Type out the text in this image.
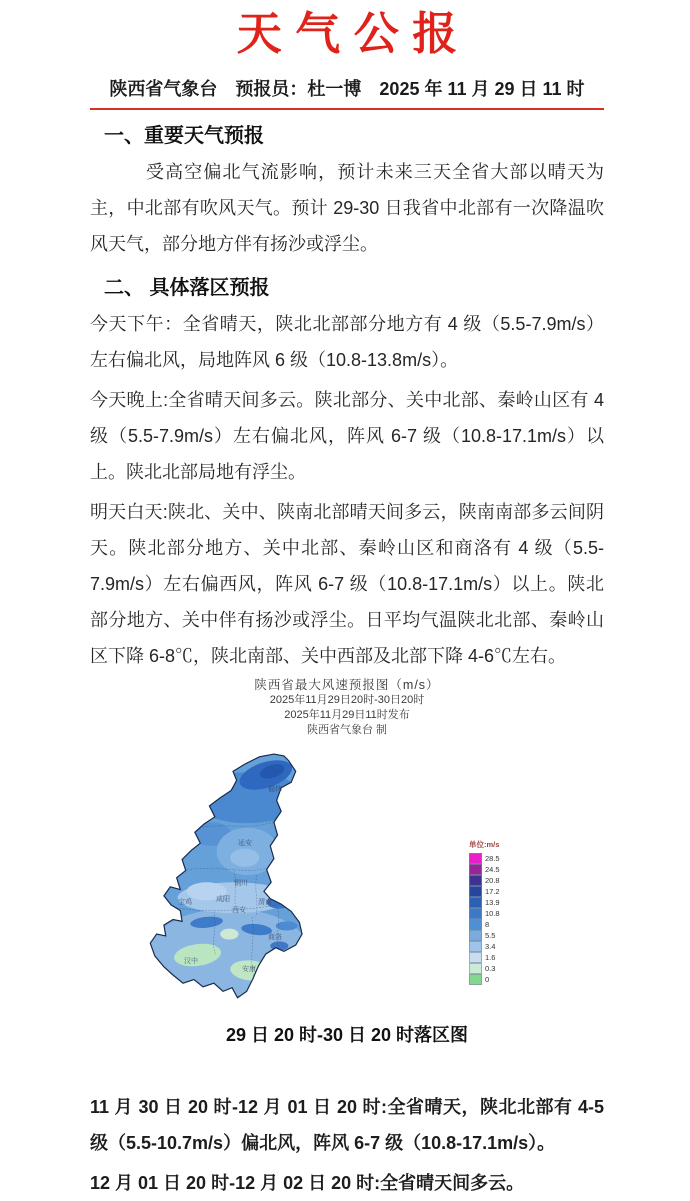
天气公报
陕西省气象台　预报员：杜一博　2025 年 11 月 29 日 11 时
一、重要天气预报

受高空偏北气流影响，预计未来三天全省大部以晴天为主，中北部有吹风天气。预计 29-30 日我省中北部有一次降温吹风天气，部分地方伴有扬沙或浮尘。

二、 具体落区预报

今天下午：全省晴天，陕北北部部分地方有 4 级（5.5-7.9m/s）左右偏北风，局地阵风 6 级（10.8-13.8m/s）。

今天晚上:全省晴天间多云。陕北部分、关中北部、秦岭山区有 4 级（5.5-7.9m/s）左右偏北风，阵风 6-7 级（10.8-17.1m/s）以上。陕北北部局地有浮尘。

明天白天:陕北、关中、陕南北部晴天间多云，陕南南部多云间阴天。陕北部分地方、关中北部、秦岭山区和商洛有 4 级（5.5-7.9m/s）左右偏西风，阵风 6-7 级（10.8-17.1m/s）以上。陕北部分地方、关中伴有扬沙或浮尘。日平均气温陕北北部、秦岭山区下降 6-8℃，陕北南部、关中西部及北部下降 4-6℃左右。

陕西省最大风速预报图（m/s）
2025年11月29日20时-30日20时
2025年11月29日11时发布
陕西省气象台 制
榆林
延安
铜川
宝鸡	咸阳
西安
渭南
商洛
汉中
安康
单位:m/s
28.5
24.5
20.8
17.2
13.9
10.8
8
5.5
3.4
1.6
0.3
0
29 日 20 时-30 日 20 时落区图

11 月 30 日 20 时-12 月 01 日 20 时:全省晴天，陕北北部有 4-5 级（5.5-10.7m/s）偏北风，阵风 6-7 级（10.8-17.1m/s）。

12 月 01 日 20 时-12 月 02 日 20 时:全省晴天间多云。
